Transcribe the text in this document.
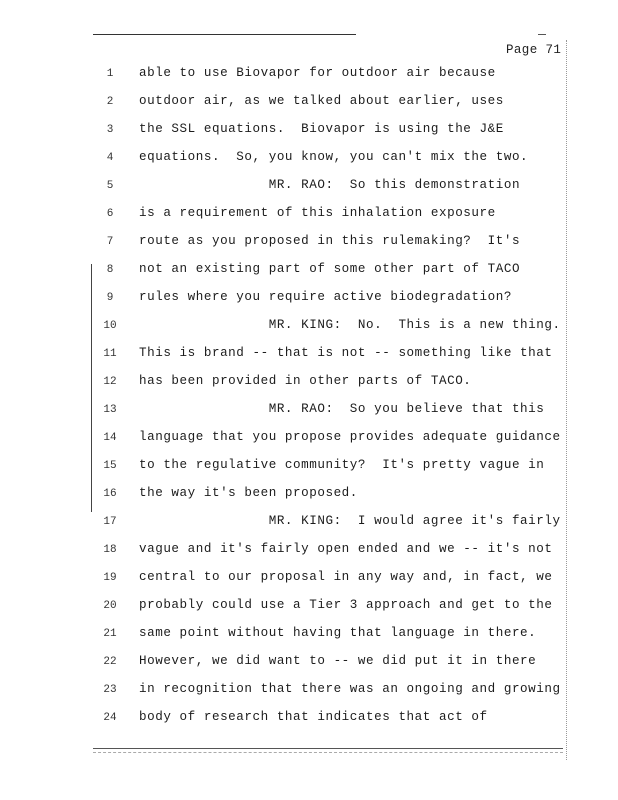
Page 71
1	able to use Biovapor for outdoor air because
2	outdoor air, as we talked about earlier, uses
3	the SSL equations.  Biovapor is using the J&E
4	equations.  So, you know, you can't mix the two.
5	MR. RAO:  So this demonstration
6	is a requirement of this inhalation exposure
7	route as you proposed in this rulemaking?  It's
8	not an existing part of some other part of TACO
9	rules where you require active biodegradation?
10	MR. KING:  No.  This is a new thing.
11	This is brand -- that is not -- something like that
12	has been provided in other parts of TACO.
13	MR. RAO:  So you believe that this
14	language that you propose provides adequate guidance
15	to the regulative community?  It's pretty vague in
16	the way it's been proposed.
17	MR. KING:  I would agree it's fairly
18	vague and it's fairly open ended and we -- it's not
19	central to our proposal in any way and, in fact, we
20	probably could use a Tier 3 approach and get to the
21	same point without having that language in there.
22	However, we did want to -- we did put it in there
23	in recognition that there was an ongoing and growing
24	body of research that indicates that act of
